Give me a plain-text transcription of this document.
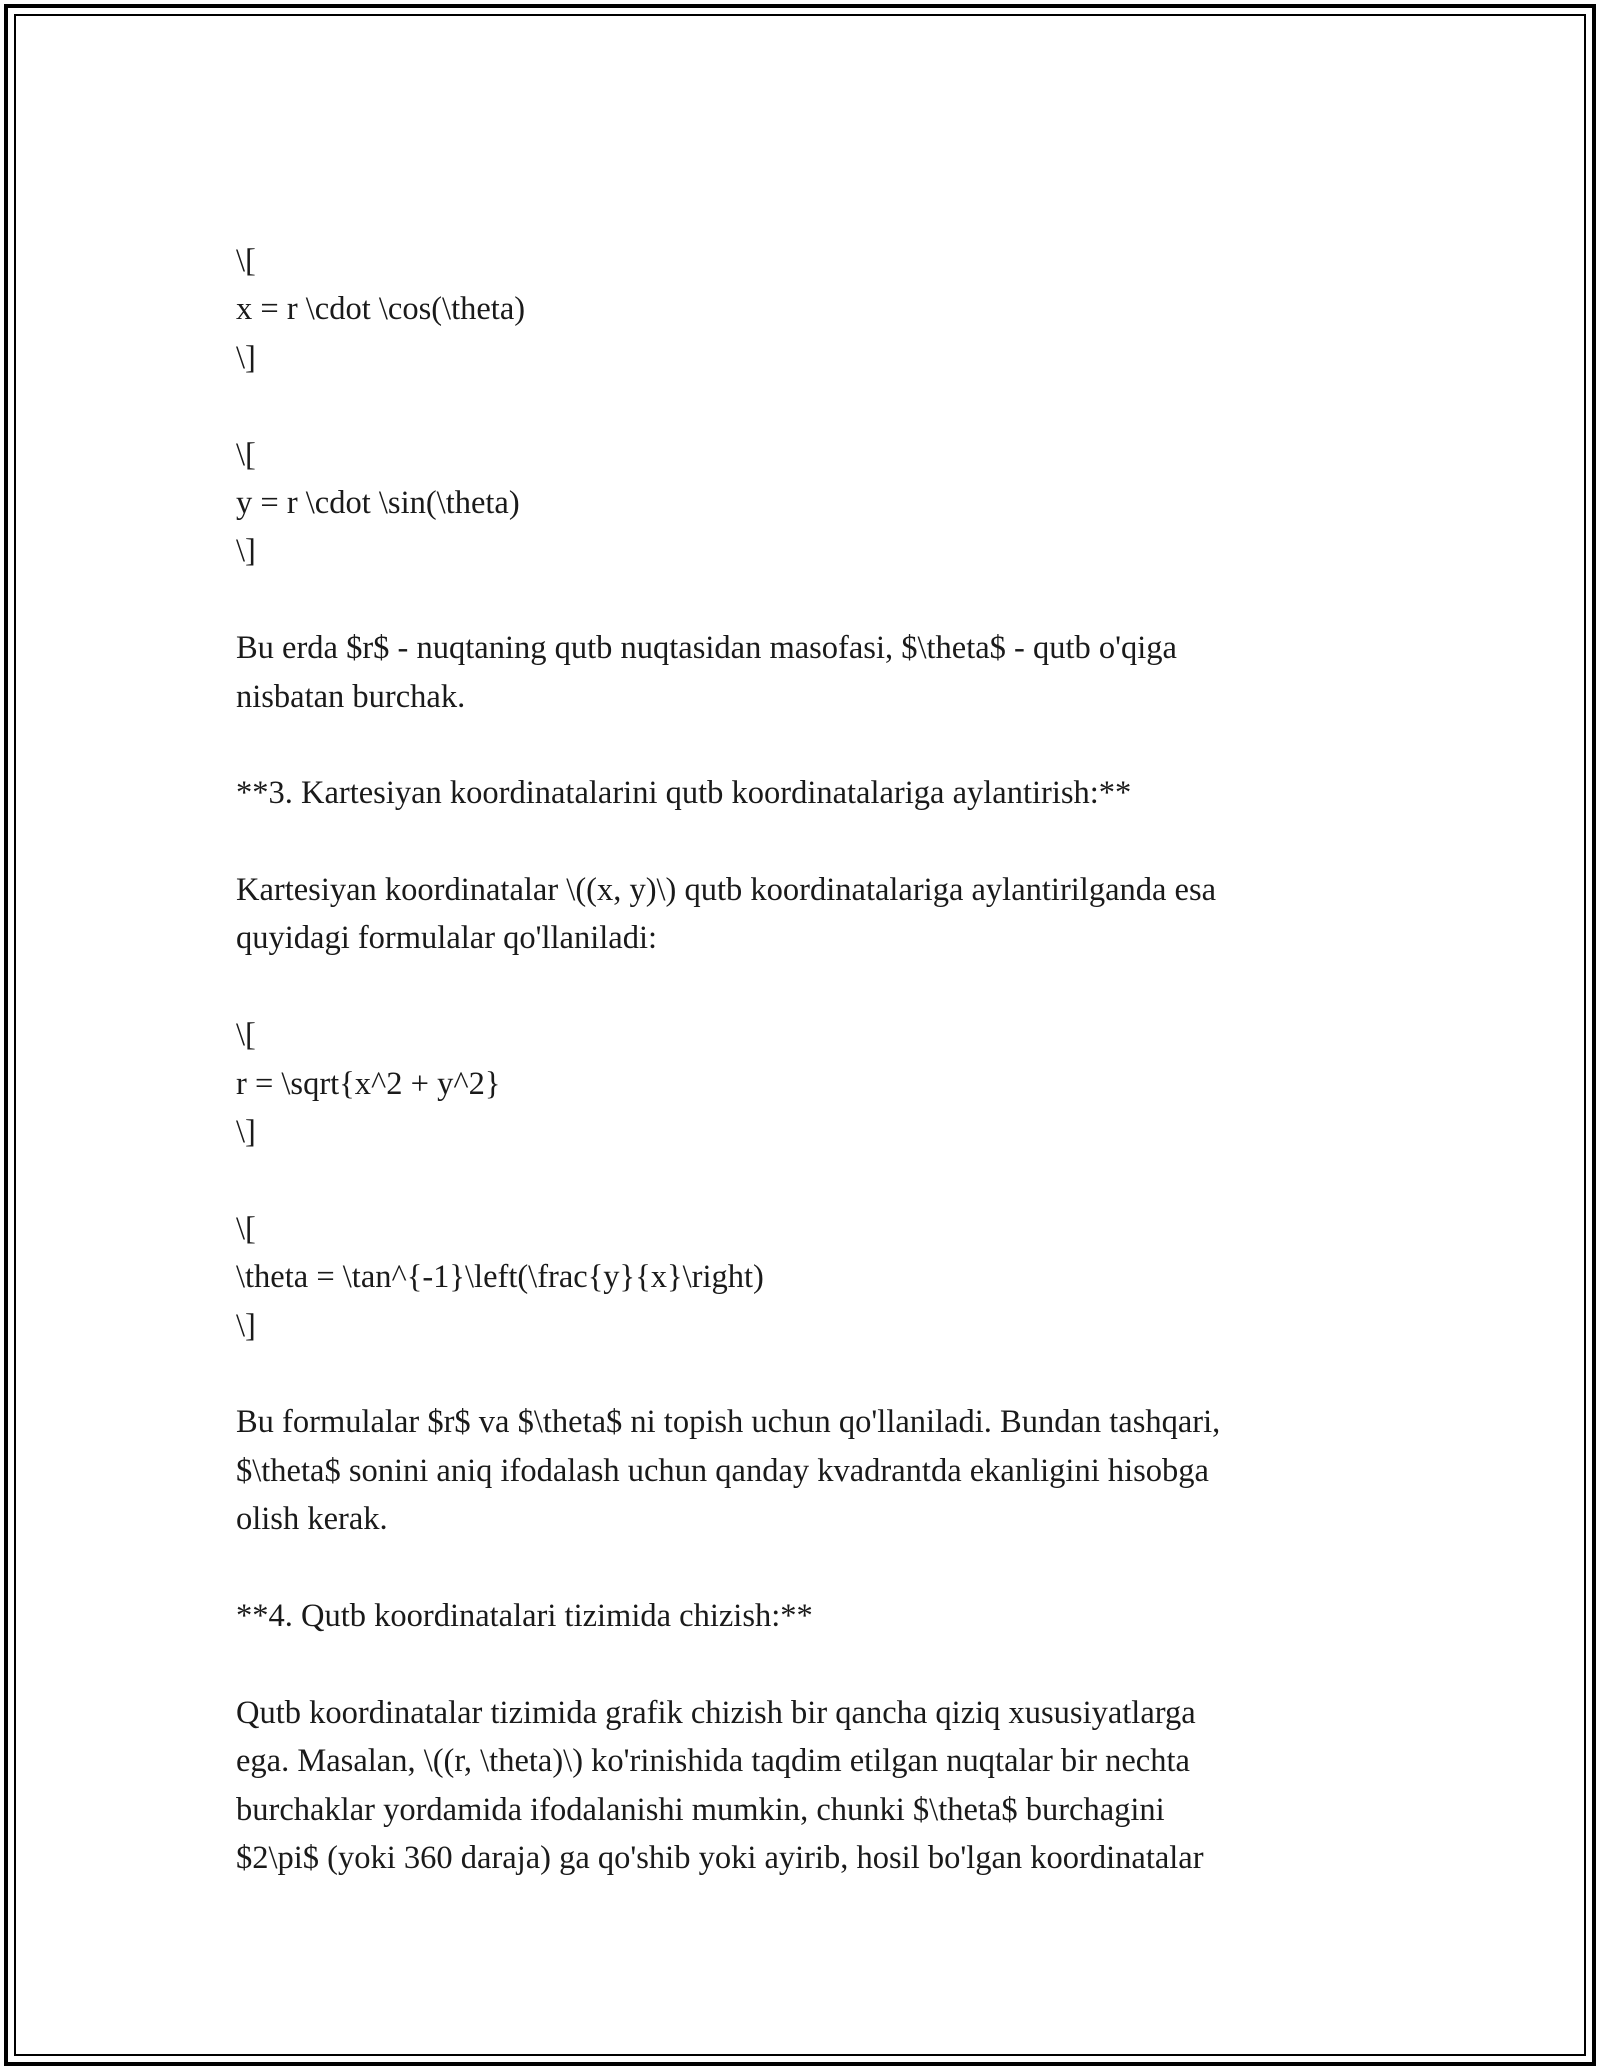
\[
x = r \cdot \cos(\theta)
\]
\[
y = r \cdot \sin(\theta)
\]
Bu erda $r$ - nuqtaning qutb nuqtasidan masofasi, $\theta$ - qutb o'qiga
nisbatan burchak.
**3. Kartesiyan koordinatalarini qutb koordinatalariga aylantirish:**
Kartesiyan koordinatalar \((x, y)\) qutb koordinatalariga aylantirilganda esa
quyidagi formulalar qo'llaniladi:
\[
r = \sqrt{x^2 + y^2}
\]
\[
\theta = \tan^{-1}\left(\frac{y}{x}\right)
\]
Bu formulalar $r$ va $\theta$ ni topish uchun qo'llaniladi. Bundan tashqari,
$\theta$ sonini aniq ifodalash uchun qanday kvadrantda ekanligini hisobga
olish kerak.
**4. Qutb koordinatalari tizimida chizish:**
Qutb koordinatalar tizimida grafik chizish bir qancha qiziq xususiyatlarga
ega. Masalan, \((r, \theta)\) ko'rinishida taqdim etilgan nuqtalar bir nechta
burchaklar yordamida ifodalanishi mumkin, chunki $\theta$ burchagini
$2\pi$ (yoki 360 daraja) ga qo'shib yoki ayirib, hosil bo'lgan koordinatalar
